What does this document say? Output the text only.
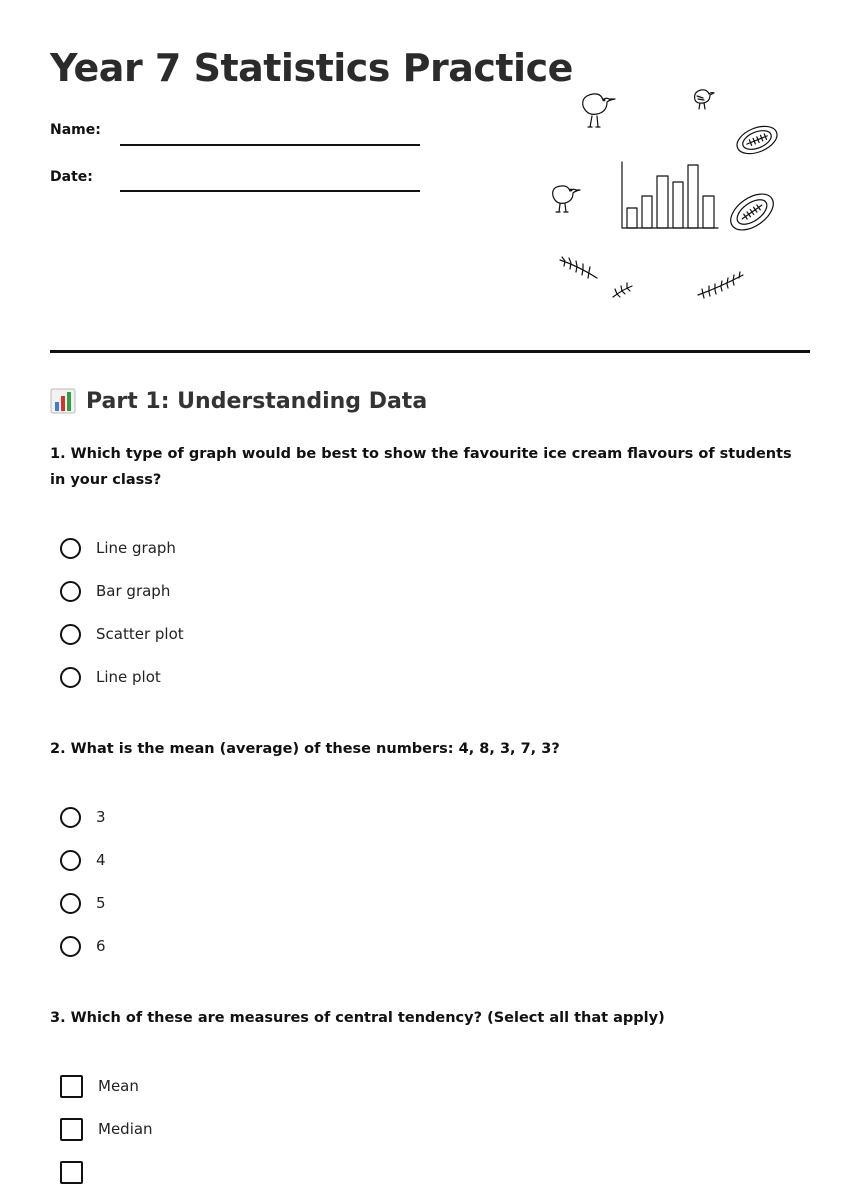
Year 7 Statistics Practice
Name:
Date:
Part 1: Understanding Data

1. Which type of graph would be best to show the favourite ice cream flavours of students in your class?

Line graph
Bar graph
Scatter plot
Line plot

2. What is the mean (average) of these numbers: 4, 8, 3, 7, 3?

3
4
5
6

3. Which of these are measures of central tendency? (Select all that apply)

Mean
Median
